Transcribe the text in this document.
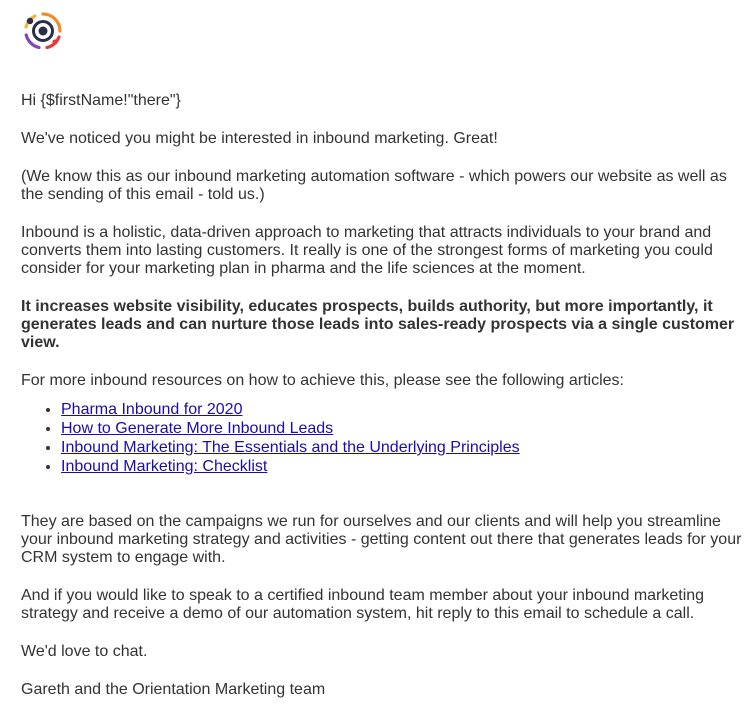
Hi {$firstName!"there"}

We've noticed you might be interested in inbound marketing. Great!

(We know this as our inbound marketing automation software - which powers our website as well as the sending of this email - told us.)

Inbound is a holistic, data-driven approach to marketing that attracts individuals to your brand and converts them into lasting customers. It really is one of the strongest forms of marketing you could consider for your marketing plan in pharma and the life sciences at the moment.

It increases website visibility, educates prospects, builds authority, but more importantly, it generates leads and can nurture those leads into sales-ready prospects via a single customer view.

For more inbound resources on how to achieve this, please see the following articles:

• Pharma Inbound for 2020
• How to Generate More Inbound Leads
• Inbound Marketing: The Essentials and the Underlying Principles
• Inbound Marketing: Checklist

They are based on the campaigns we run for ourselves and our clients and will help you streamline your inbound marketing strategy and activities - getting content out there that generates leads for your CRM system to engage with.

And if you would like to speak to a certified inbound team member about your inbound marketing strategy and receive a demo of our automation system, hit reply to this email to schedule a call.

We'd love to chat.

Gareth and the Orientation Marketing team
